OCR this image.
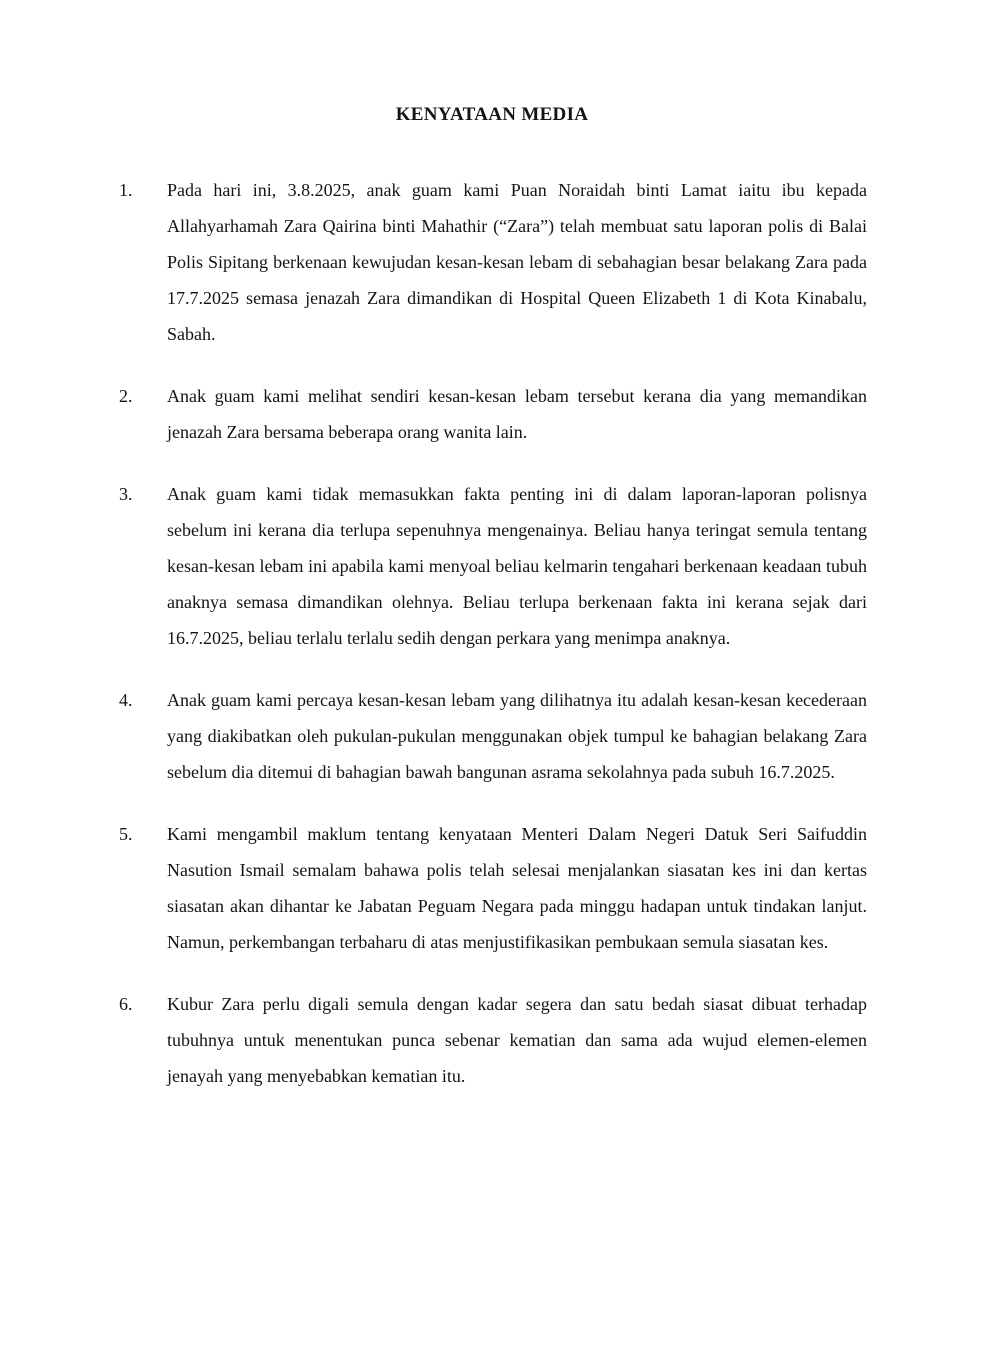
KENYATAAN MEDIA
1.	Pada hari ini, 3.8.2025, anak guam kami Puan Noraidah binti Lamat iaitu ibu kepada Allahyarhamah Zara Qairina binti Mahathir (“Zara”) telah membuat satu laporan polis di Balai Polis Sipitang berkenaan kewujudan kesan-kesan lebam di sebahagian besar belakang Zara pada 17.7.2025 semasa jenazah Zara dimandikan di Hospital Queen Elizabeth 1 di Kota Kinabalu, Sabah.
2.	Anak guam kami melihat sendiri kesan-kesan lebam tersebut kerana dia yang memandikan jenazah Zara bersama beberapa orang wanita lain.
3.	Anak guam kami tidak memasukkan fakta penting ini di dalam laporan-laporan polisnya sebelum ini kerana dia terlupa sepenuhnya mengenainya. Beliau hanya teringat semula tentang kesan-kesan lebam ini apabila kami menyoal beliau kelmarin tengahari berkenaan keadaan tubuh anaknya semasa dimandikan olehnya. Beliau terlupa berkenaan fakta ini kerana sejak dari 16.7.2025, beliau terlalu terlalu sedih dengan perkara yang menimpa anaknya.
4.	Anak guam kami percaya kesan-kesan lebam yang dilihatnya itu adalah kesan-kesan kecederaan yang diakibatkan oleh pukulan-pukulan menggunakan objek tumpul ke bahagian belakang Zara sebelum dia ditemui di bahagian bawah bangunan asrama sekolahnya pada subuh 16.7.2025.
5.	Kami mengambil maklum tentang kenyataan Menteri Dalam Negeri Datuk Seri Saifuddin Nasution Ismail semalam bahawa polis telah selesai menjalankan siasatan kes ini dan kertas siasatan akan dihantar ke Jabatan Peguam Negara pada minggu hadapan untuk tindakan lanjut. Namun, perkembangan terbaharu di atas menjustifikasikan pembukaan semula siasatan kes.
6.	Kubur Zara perlu digali semula dengan kadar segera dan satu bedah siasat dibuat terhadap tubuhnya untuk menentukan punca sebenar kematian dan sama ada wujud elemen-elemen jenayah yang menyebabkan kematian itu.
